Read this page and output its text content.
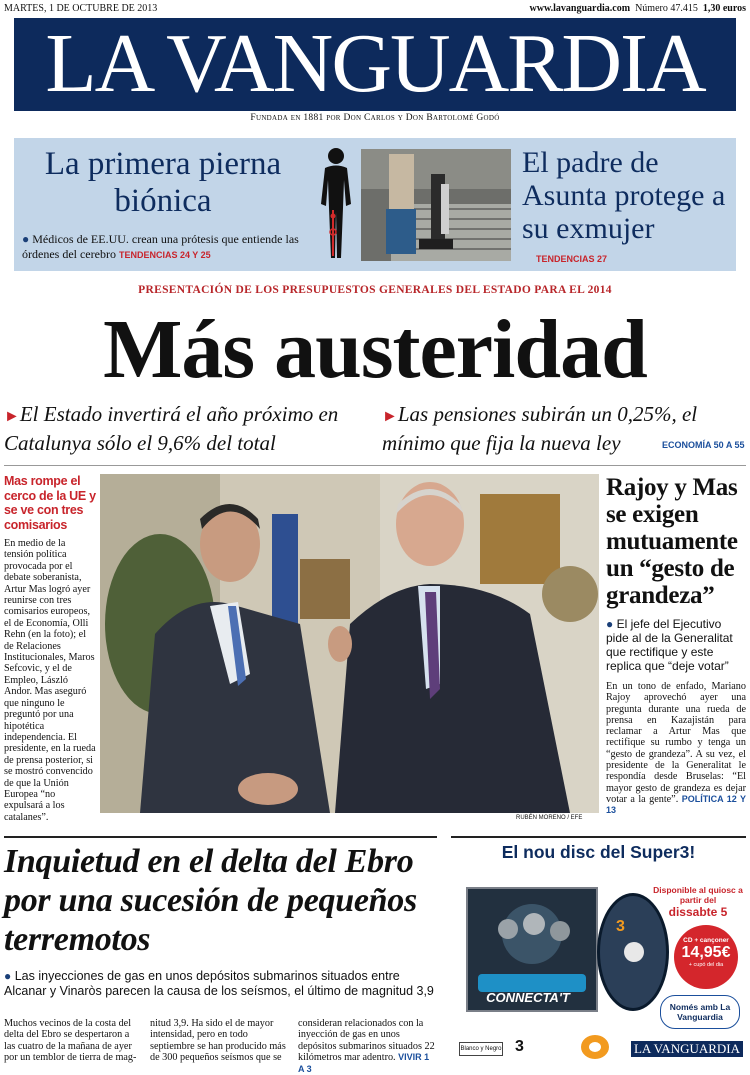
MARTES, 1 DE OCTUBRE DE 2013	www.lavanguardia.com Número 47.415 1,30 euros
LA VANGUARDIA
Fundada en 1881 por Don Carlos y Don Bartolomé Godó
La primera pierna biónica
● Médicos de EE.UU. crean una prótesis que entiende las órdenes del cerebro TENDENCIAS 24 Y 25
El padre de Asunta protege a su exmujer
TENDENCIAS 27
PRESENTACIÓN DE LOS PRESUPUESTOS GENERALES DEL ESTADO PARA EL 2014
Más austeridad
►El Estado invertirá el año próximo en Catalunya sólo el 9,6% del total
►Las pensiones subirán un 0,25%, el mínimo que fija la nueva ley	ECONOMÍA 50 A 55
Mas rompe el cerco de la UE y se ve con tres comisarios

En medio de la tensión política provocada por el debate soberanista, Artur Mas logró ayer reunirse con tres comisarios europeos, el de Economía, Olli Rehn (en la foto); el de Relaciones Institucionales, Maros Sefcovic, y el de Empleo, László Andor. Mas aseguró que ninguno le preguntó por una hipotética independencia. El presidente, en la rueda de prensa posterior, si se mostró convencido de que la Unión Europea “no expulsará a los catalanes”.	RUBÉN MORENO / EFE
Rajoy y Mas se exigen mutuamente un “gesto de grandeza”
● El jefe del Ejecutivo pide al de la Generalitat que rectifique y este replica que “deje votar”
En un tono de enfado, Mariano Rajoy aprovechó ayer una pregunta durante una rueda de prensa en Kazajistán para reclamar a Artur Mas que rectifique su rumbo y tenga un “gesto de grandeza”. A su vez, el presidente de la Generalitat le respondía desde Bruselas: “El mayor gesto de grandeza es dejar votar a la gente”. POLÍTICA 12 Y 13
Inquietud en el delta del Ebro por una sucesión de pequeños terremotos
● Las inyecciones de gas en unos depósitos submarinos situados entre Alcanar y Vinaròs parecen la causa de los seísmos, el último de magnitud 3,9
Muchos vecinos de la costa del delta del Ebro se despertaron a las cuatro de la mañana de ayer por un temblor de tierra de mag-
nitud 3,9. Ha sido el de mayor intensidad, pero en todo septiembre se han producido más de 300 pequeños seísmos que se
consideran relacionados con la inyección de gas en unos depósitos submarinos situados 22 kilómetros mar adentro. VIVIR 1 A 3
El nou disc del Super3!
CONNECTA'T
3
Disponible al quiosc a partir del
dissabte 5
CD + cançoner
14,95€
+ cupó del dia
Només amb La Vanguardia
Blanco y Negro 3	LA VANGUARDIA
